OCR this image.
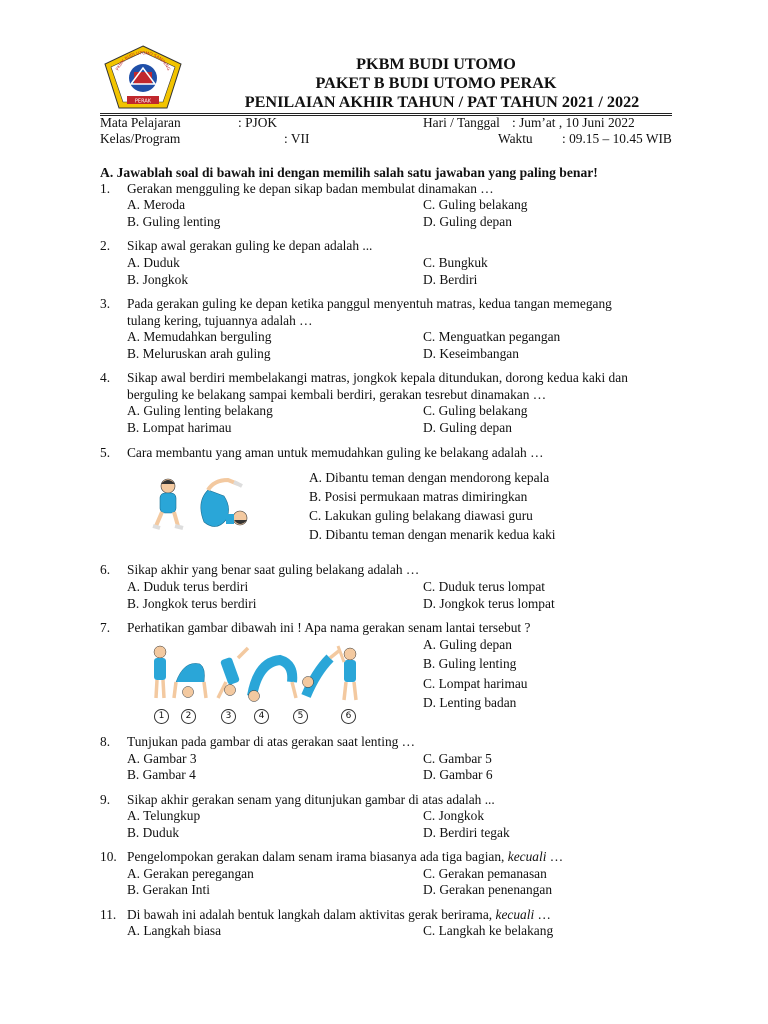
PERAK
PKBM BUDI UTOMO SAMPANG	PKBM BUDI UTOMO
PAKET B BUDI UTOMO PERAK
PENILAIAN AKHIR TAHUN / PAT TAHUN 2021 / 2022
Mata Pelajaran	: PJOK
Kelas/Program	: VII
Hari / Tanggal : Jum’at , 10 Juni 2022
Waktu : 09.15 – 10.45 WIB
A. Jawablah soal di bawah ini dengan memilih salah satu jawaban yang paling benar!
1. Gerakan mengguling ke depan sikap badan membulat dinamakan …
A. Meroda	C. Guling belakang
B. Guling lenting	D. Guling depan
2. Sikap awal gerakan guling ke depan adalah ...
A. Duduk	C. Bungkuk
B. Jongkok	D. Berdiri
3. Pada gerakan guling ke depan ketika panggul menyentuh matras, kedua tangan memegang
tulang kering, tujuannya adalah …
A. Memudahkan berguling	C. Menguatkan pegangan
B. Meluruskan arah guling	D. Keseimbangan
4. Sikap awal berdiri membelakangi matras, jongkok kepala ditundukan, dorong kedua kaki dan
berguling ke belakang sampai kembali berdiri, gerakan tesrebut dinamakan …
A. Guling lenting belakang	C. Guling belakang
B. Lompat harimau	D. Guling depan
5. Cara membantu yang aman untuk memudahkan guling ke belakang adalah …
A. Dibantu teman dengan mendorong kepala
B. Posisi permukaan matras dimiringkan
C. Lakukan guling belakang diawasi guru
D. Dibantu teman dengan menarik kedua kaki
6. Sikap akhir yang benar saat guling belakang adalah …
A. Duduk terus berdiri	C. Duduk terus lompat
B. Jongkok terus berdiri	D. Jongkok terus lompat
7. Perhatikan gambar dibawah ini ! Apa nama gerakan senam lantai tersebut ?
1	2	3	4	5	6
A. Guling depan
B. Guling lenting
C. Lompat harimau
D. Lenting badan
8. Tunjukan pada gambar di atas gerakan saat lenting …
A. Gambar 3	C. Gambar 5
B. Gambar 4	D. Gambar 6
9. Sikap akhir gerakan senam yang ditunjukan gambar di atas adalah ...
A. Telungkup	C. Jongkok
B. Duduk	D. Berdiri tegak
10. Pengelompokan gerakan dalam senam irama biasanya ada tiga bagian, kecuali …
A. Gerakan peregangan	C. Gerakan pemanasan
B. Gerakan Inti	D. Gerakan penenangan
11. Di bawah ini adalah bentuk langkah dalam aktivitas gerak berirama, kecuali …
A. Langkah biasa	C. Langkah ke belakang
